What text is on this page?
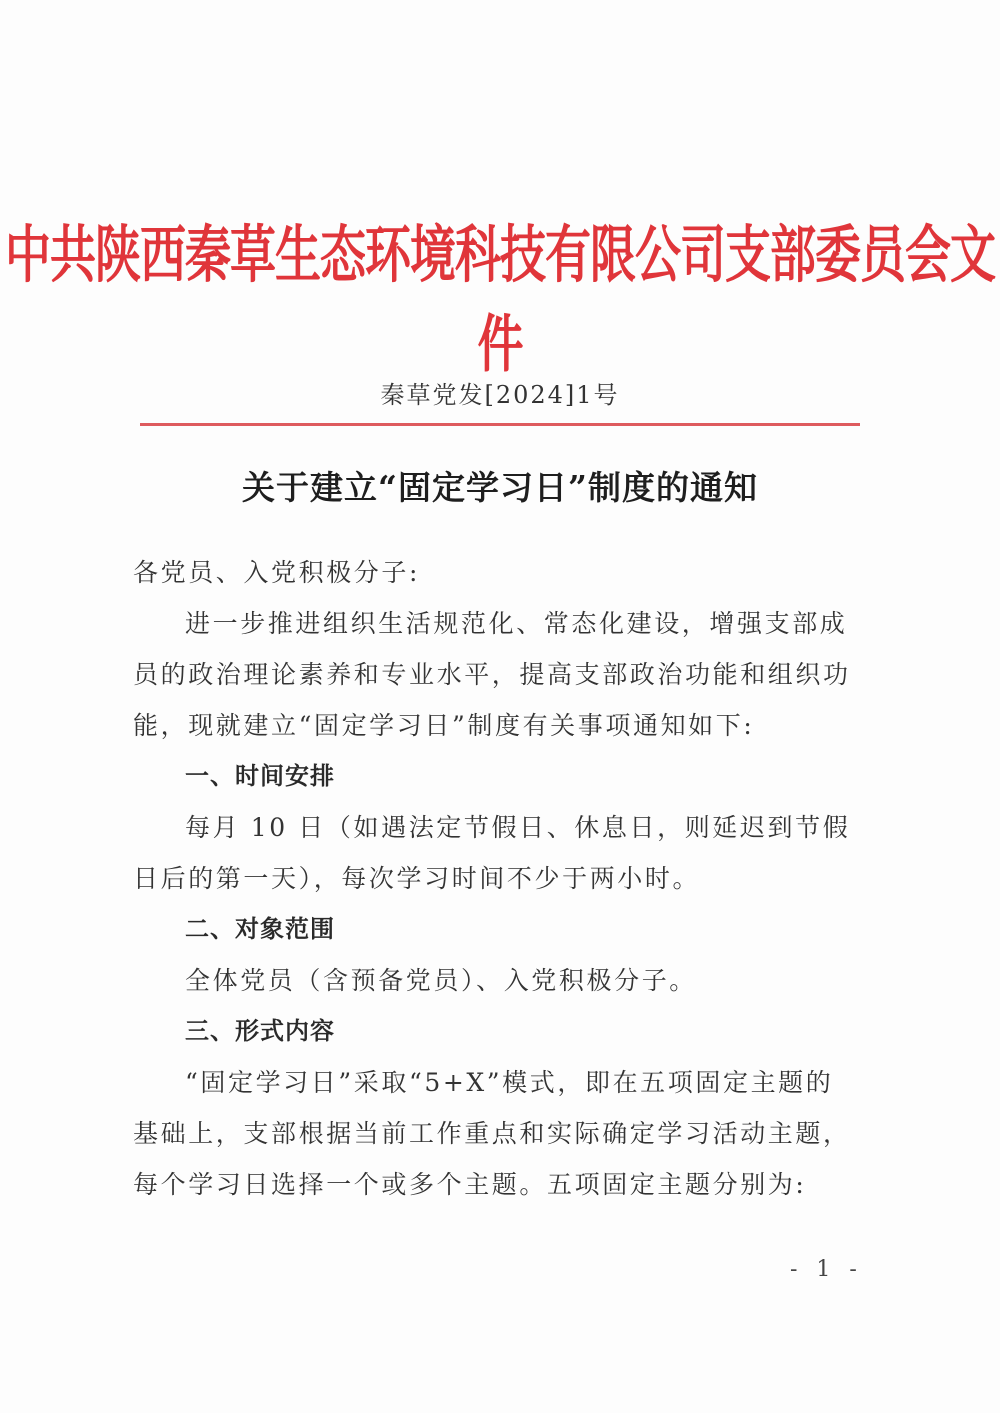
中共陕西秦草生态环境科技有限公司支部委员会文件
秦草党发[2024]1号
关于建立“固定学习日”制度的通知
各党员、入党积极分子:
进一步推进组织生活规范化、常态化建设，增强支部成员的政治理论素养和专业水平，提高支部政治功能和组织功能，现就建立“固定学习日”制度有关事项通知如下:
一、时间安排
每月 10 日（如遇法定节假日、休息日，则延迟到节假日后的第一天），每次学习时间不少于两小时。
二、对象范围
全体党员（含预备党员）、入党积极分子。
三、形式内容
“固定学习日”采取“5+X”模式，即在五项固定主题的基础上，支部根据当前工作重点和实际确定学习活动主题，每个学习日选择一个或多个主题。五项固定主题分别为:
- 1 -
